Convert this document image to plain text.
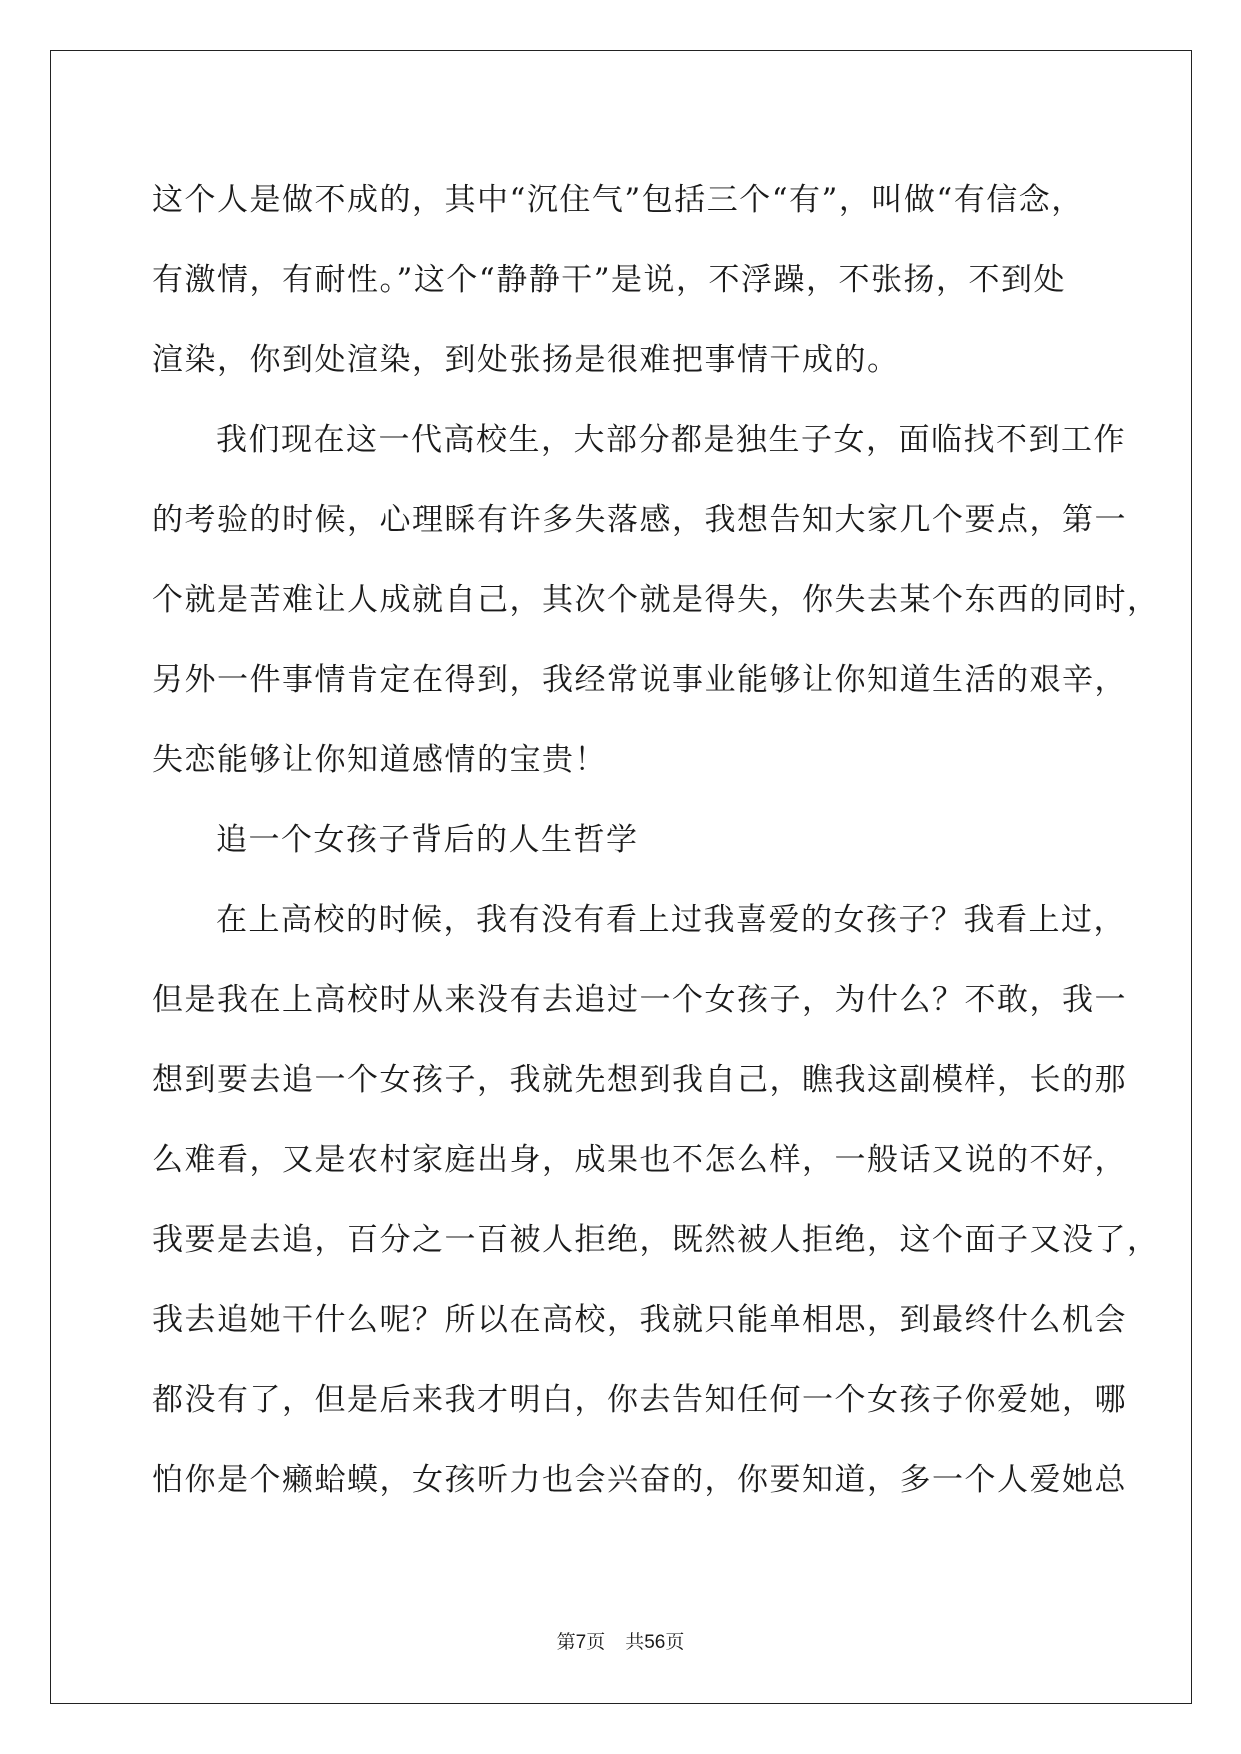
这个人是做不成的，其中“沉住气”包括三个“有”，叫做“有信念，

有激情，有耐性。”这个“静静干”是说，不浮躁，不张扬，不到处

渲染，你到处渲染，到处张扬是很难把事情干成的。

我们现在这一代高校生，大部分都是独生子女，面临找不到工作

的考验的时候，心理睬有许多失落感，我想告知大家几个要点，第一

个就是苦难让人成就自己，其次个就是得失，你失去某个东西的同时，

另外一件事情肯定在得到，我经常说事业能够让你知道生活的艰辛，

失恋能够让你知道感情的宝贵！

追一个女孩子背后的人生哲学

在上高校的时候，我有没有看上过我喜爱的女孩子？我看上过，

但是我在上高校时从来没有去追过一个女孩子，为什么？不敢，我一

想到要去追一个女孩子，我就先想到我自己，瞧我这副模样，长的那

么难看，又是农村家庭出身，成果也不怎么样，一般话又说的不好，

我要是去追，百分之一百被人拒绝，既然被人拒绝，这个面子又没了，

我去追她干什么呢？所以在高校，我就只能单相思，到最终什么机会

都没有了，但是后来我才明白，你去告知任何一个女孩子你爱她，哪

怕你是个癞蛤蟆，女孩听力也会兴奋的，你要知道，多一个人爱她总

第7页 共56页
